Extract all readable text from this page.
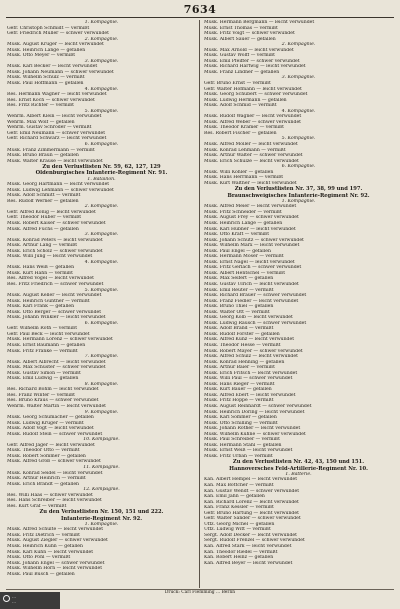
7634
1. Kompagnie.
Gefr. Christoph Schmidt — vermißt
Gefr. Friedrich Müller — schwer verwundet
2. Kompagnie.
Musk. August Krüger — leicht verwundet
Musk. Heinrich Lange — gefallen
Musk. Otto Meyer — vermißt
3. Kompagnie.
Musk. Karl Becker — leicht verwundet
Musk. Johann Neumann — schwer verwundet
Musk. Wilhelm Schulz — vermißt
Musk. Paul Hoffmann — gefallen
4. Kompagnie.
Res. Hermann Wagner — leicht verwundet
Res. Ernst Koch — schwer verwundet
Res. Fritz Richter — vermißt
5. Kompagnie.
Wehrm. Albert Klein — leicht verwundet
Wehrm. Max Wolf — gefallen
Wehrm. Gustav Schröder — vermißt
Gefr. Emil Neumann — schwer verwundet
Gefr. Richard Schwarz — leicht verwundet
6. Kompagnie.
Musk. Franz Zimmermann — vermißt
Musk. Bruno Braun — gefallen
Musk. Walter Krause — leicht verwundet
Zu den Verlustlisten Nr. 59, 62, 127, 129
Oldenburgisches Infanterie-Regiment Nr. 91.
1. Bataillon.
Musk. Georg Hartmann — leicht verwundet
Musk. Ludwig Lehmann — schwer verwundet
Musk. Adolf Schmitt — vermißt
Res. Rudolf Werner — gefallen
2. Kompagnie.
Gefr. Alfred König — leicht verwundet
Gefr. Theodor Huber — vermißt
Musk. Robert Kaiser — schwer verwundet
Musk. Alfred Fuchs — gefallen
3. Kompagnie.
Musk. Konrad Peters — leicht verwundet
Musk. Arthur Lang — vermißt
Musk. Erich Scholz — schwer verwundet
Musk. Willi Jung — leicht verwundet
4. Kompagnie.
Musk. Hans Weiß — gefallen
Musk. Kurt Hahn — vermißt
Res. Alfred Vogel — leicht verwundet
Res. Fritz Friedrich — schwer verwundet
5. Kompagnie.
Musk. August Keller — leicht verwundet
Musk. Heinrich Günther — vermißt
Musk. Karl Frank — gefallen
Musk. Otto Berger — schwer verwundet
Musk. Johann Winkler — leicht verwundet
6. Kompagnie.
Gefr. Wilhelm Roth — vermißt
Gefr. Paul Beck — leicht verwundet
Musk. Hermann Lorenz — schwer verwundet
Musk. Ernst Baumann — gefallen
Musk. Fritz Franke — vermißt
7. Kompagnie.
Musk. Albert Albrecht — leicht verwundet
Musk. Max Schuster — schwer verwundet
Musk. Gustav Simon — vermißt
Musk. Emil Ludwig — gefallen
8. Kompagnie.
Res. Richard Böhm — leicht verwundet
Res. Franz Winter — vermißt
Res. Bruno Kraus — schwer verwundet
Wehrm. Walter Martin — leicht verwundet
9. Kompagnie.
Musk. Georg Schumacher — gefallen
Musk. Ludwig Krüger — vermißt
Musk. Adolf Vogt — leicht verwundet
Musk. Rudolf Stein — schwer verwundet
10. Kompagnie.
Gefr. Alfred Jäger — leicht verwundet
Musk. Theodor Otto — vermißt
Musk. Robert Sommer — gefallen
Musk. Alfred Groß — schwer verwundet
11. Kompagnie.
Musk. Konrad Seidel — leicht verwundet
Musk. Arthur Heinrich — vermißt
Musk. Erich Brandt — gefallen
12. Kompagnie.
Res. Willi Haas — schwer verwundet
Res. Hans Schreiber — leicht verwundet
Res. Kurt Graf — vermißt
Zu den Verlustlisten Nr. 150, 151 und 222.
Infanterie-Regiment Nr. 92.
1. Kompagnie.
Musk. Alfred Schulte — leicht verwundet
Musk. Fritz Dietrich — vermißt
Musk. August Ziegler — schwer verwundet
Musk. Heinrich Kuhn — gefallen
Musk. Karl Kühn — leicht verwundet
Musk. Otto Pohl — vermißt
Musk. Johann Engel — schwer verwundet
Musk. Wilhelm Horn — leicht verwundet
Musk. Paul Busch — gefallen
Musk. Hermann Bergmann — leicht verwundet
Musk. Ernst Thomas — vermißt
Musk. Fritz Voigt — schwer verwundet
Musk. Albert Sauer — gefallen
2. Kompagnie.
Musk. Max Arnold — leicht verwundet
Musk. Gustav Wolff — vermißt
Musk. Emil Pfeiffer — schwer verwundet
Musk. Richard Hartwig — leicht verwundet
Musk. Franz Lindner — gefallen
3. Kompagnie.
Gefr. Bruno Ernst — vermißt
Gefr. Walter Hofmann — leicht verwundet
Musk. Georg Schubert — schwer verwundet
Musk. Ludwig Hermann — gefallen
Musk. Adolf Schmid — vermißt
4. Kompagnie.
Musk. Rudolf Wagner — leicht verwundet
Musk. Alfred Weber — schwer verwundet
Musk. Theodor Krämer — vermißt
Res. Robert Fischer — gefallen
5. Kompagnie.
Musk. Alfred Möller — leicht verwundet
Musk. Konrad Lehmann — vermißt
Musk. Arthur Walter — schwer verwundet
Musk. Erich Schulze — leicht verwundet
6. Kompagnie.
Musk. Willi Köhler — gefallen
Musk. Hans Herrmann — vermißt
Musk. Kurt Walther — leicht verwundet
Zu den Verlustlisten Nr. 37, 38, 99 und 197.
Braunschweigisches Infanterie-Regiment Nr. 92.
1. Kompagnie.
Musk. Alfred Meier — leicht verwundet
Musk. Fritz Schneider — vermißt
Musk. August Frey — schwer verwundet
Musk. Heinrich Lange — gefallen
Musk. Karl Hübner — leicht verwundet
Musk. Otto Kraft — vermißt
Musk. Johann Schütz — schwer verwundet
Musk. Wilhelm Marx — leicht verwundet
Musk. Paul Engel — gefallen
Musk. Hermann Moser — vermißt
Musk. Ernst Nagel — leicht verwundet
Musk. Fritz Gerlach — schwer verwundet
Musk. Albert Hentschel — vermißt
Musk. Max Seifert — gefallen
Musk. Gustav Ulrich — leicht verwundet
Musk. Emil Reuter — vermißt
Musk. Richard Brauer — schwer verwundet
Musk. Franz Fiedler — leicht verwundet
Musk. Bruno Thiel — gefallen
Musk. Walter Ott — vermißt
Musk. Georg Kolb — leicht verwundet
Musk. Ludwig Rausch — schwer verwundet
Musk. Adolf Brand — vermißt
Musk. Rudolf Förster — gefallen
Musk. Alfred Kunz — leicht verwundet
Musk. Theodor Hesse — vermißt
Musk. Robert Mayer — schwer verwundet
Musk. Alfred Schulz — leicht verwundet
Musk. Konrad Henning — gefallen
Musk. Arthur Baier — vermißt
Musk. Erich Fritsch — leicht verwundet
Musk. Willi Paul — schwer verwundet
Musk. Hans Rieger — vermißt
Musk. Kurt Bauer — gefallen
Musk. Alfred Ebert — leicht verwundet
Musk. Fritz Hoppe — vermißt
Musk. August Reinhardt — schwer verwundet
Musk. Heinrich Döring — leicht verwundet
Musk. Karl Sommer — gefallen
Musk. Otto Schilling — vermißt
Musk. Johann Rother — leicht verwundet
Musk. Wilhelm Kühne — schwer verwundet
Musk. Paul Schreiber — vermißt
Musk. Hermann Stahl — gefallen
Musk. Ernst Weiß — leicht verwundet
Musk. Fritz Urban — vermißt
Zu den Verlustlisten Nr. 42, 43, 150 und 151.
Hannoversches Feld-Artillerie-Regiment Nr. 10.
1. Batterie.
Kan. Albert Hempel — leicht verwundet
Kan. Max Böttcher — vermißt
Kan. Gustav Wendt — schwer verwundet
Kan. Emil Jahn — gefallen
Kan. Richard Lorenz — leicht verwundet
Kan. Franz Kessler — vermißt
Gefr. Bruno Hartung — leicht verwundet
Gefr. Walter Sander — schwer verwundet
Uffz. Georg Michel — gefallen
Uffz. Ludwig Witt — vermißt
Sergt. Adolf Decker — leicht verwundet
Sergt. Rudolf Frenzel — schwer verwundet
Kan. Alfred Stark — leicht verwundet
Kan. Theodor Riedel — vermißt
Kan. Robert Heinz — gefallen
Kan. Alfred Beyer — leicht verwundet
Druck: Carl Flemming ... Berlin
...
...
